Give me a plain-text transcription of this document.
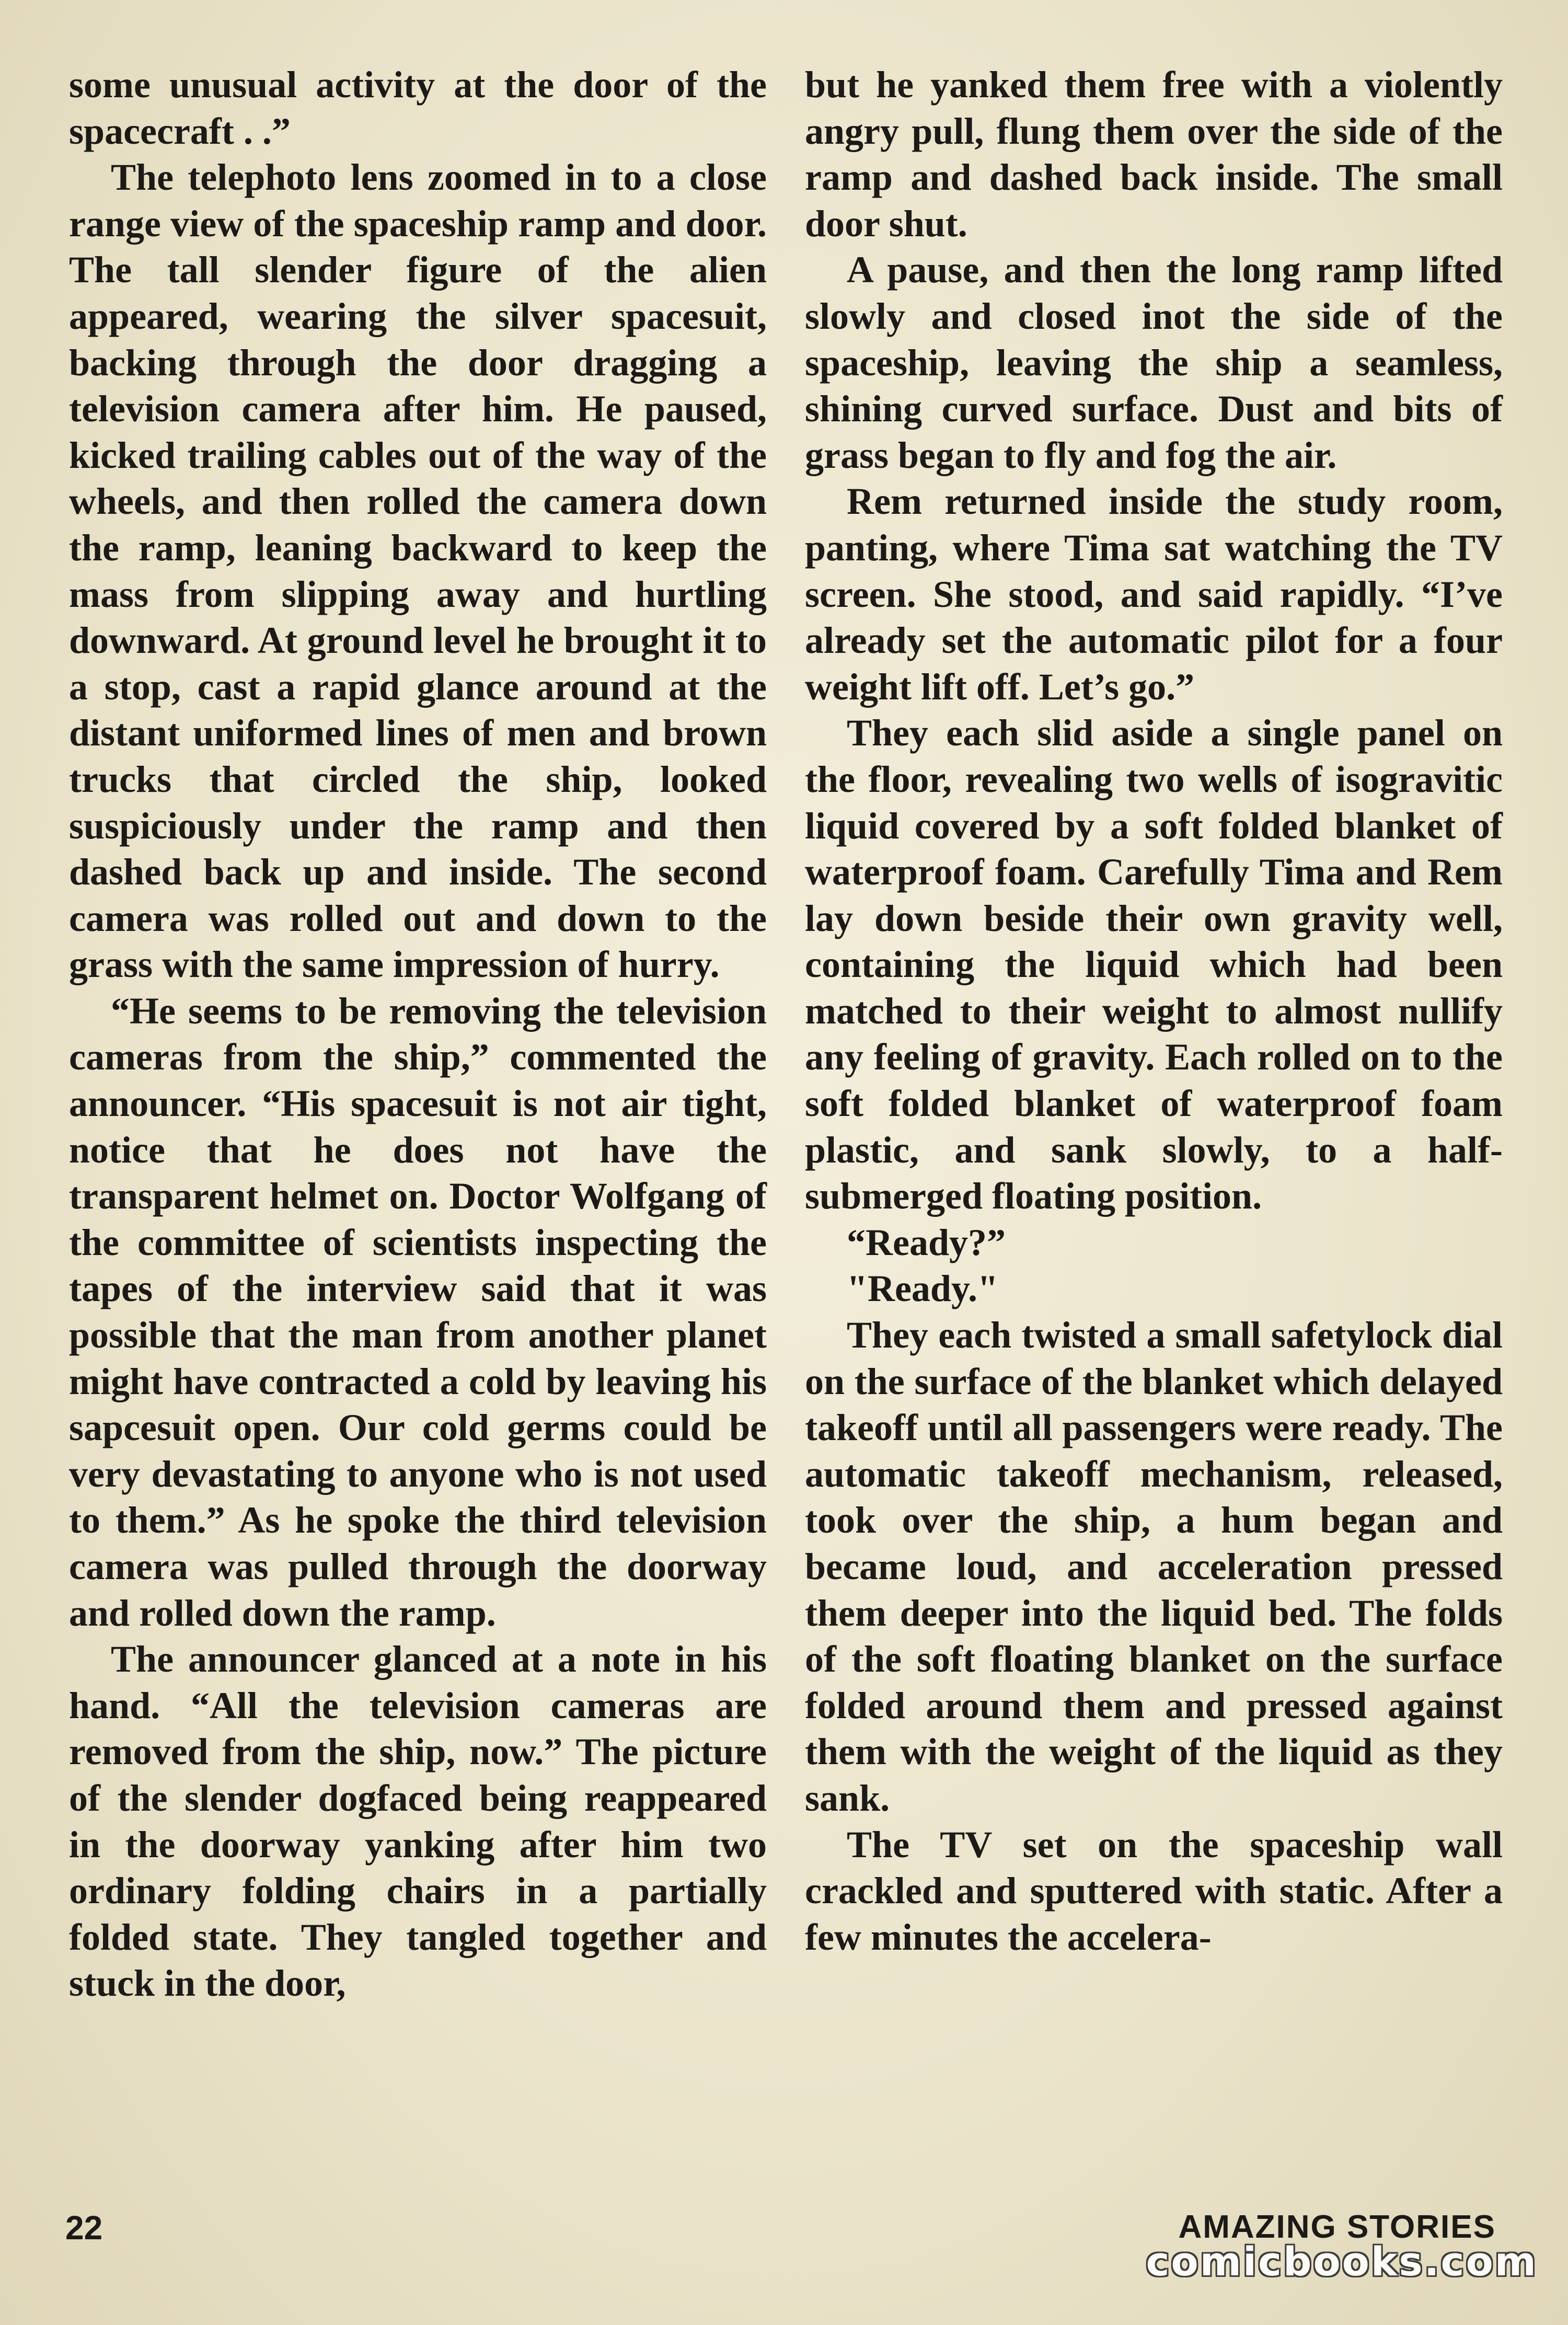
some unusual activity at the door of the spacecraft . .”

The telephoto lens zoomed in to a close range view of the spaceship ramp and door. The tall slender figure of the alien appeared, wearing the silver spacesuit, backing through the door dragging a television camera after him. He paused, kicked trailing cables out of the way of the wheels, and then rolled the camera down the ramp, leaning backward to keep the mass from slipping away and hurtling downward. At ground level he brought it to a stop, cast a rapid glance around at the distant uniformed lines of men and brown trucks that circled the ship, looked suspiciously under the ramp and then dashed back up and inside. The second camera was rolled out and down to the grass with the same impression of hurry.

“He seems to be removing the television cameras from the ship,” commented the announcer. “His spacesuit is not air tight, notice that he does not have the transparent helmet on. Doctor Wolfgang of the committee of scientists inspecting the tapes of the interview said that it was possible that the man from another planet might have contracted a cold by leaving his sapcesuit open. Our cold germs could be very devastating to anyone who is not used to them.” As he spoke the third television camera was pulled through the doorway and rolled down the ramp.

The announcer glanced at a note in his hand. “All the television cameras are removed from the ship, now.” The picture of the slender dogfaced being reappeared in the doorway yanking after him two ordinary folding chairs in a partially folded state. They tangled together and stuck in the door,

but he yanked them free with a violently angry pull, flung them over the side of the ramp and dashed back inside. The small door shut.

A pause, and then the long ramp lifted slowly and closed inot the side of the spaceship, leaving the ship a seamless, shining curved surface. Dust and bits of grass began to fly and fog the air.

Rem returned inside the study room, panting, where Tima sat watching the TV screen. She stood, and said rapidly. “I’ve already set the automatic pilot for a four weight lift off. Let’s go.”

They each slid aside a single panel on the floor, revealing two wells of isogravitic liquid covered by a soft folded blanket of waterproof foam. Carefully Tima and Rem lay down beside their own gravity well, containing the liquid which had been matched to their weight to almost nullify any feeling of gravity. Each rolled on to the soft folded blanket of waterproof foam plastic, and sank slowly, to a half-submerged floating position.

“Ready?”

"Ready."

They each twisted a small safetylock dial on the surface of the blanket which delayed takeoff until all passengers were ready. The automatic takeoff mechanism, released, took over the ship, a hum began and became loud, and acceleration pressed them deeper into the liquid bed. The folds of the soft floating blanket on the surface folded around them and pressed against them with the weight of the liquid as they sank.

The TV set on the spaceship wall crackled and sputtered with static. After a few minutes the accelera-

22	AMAZING STORIES
comicbooks.com
